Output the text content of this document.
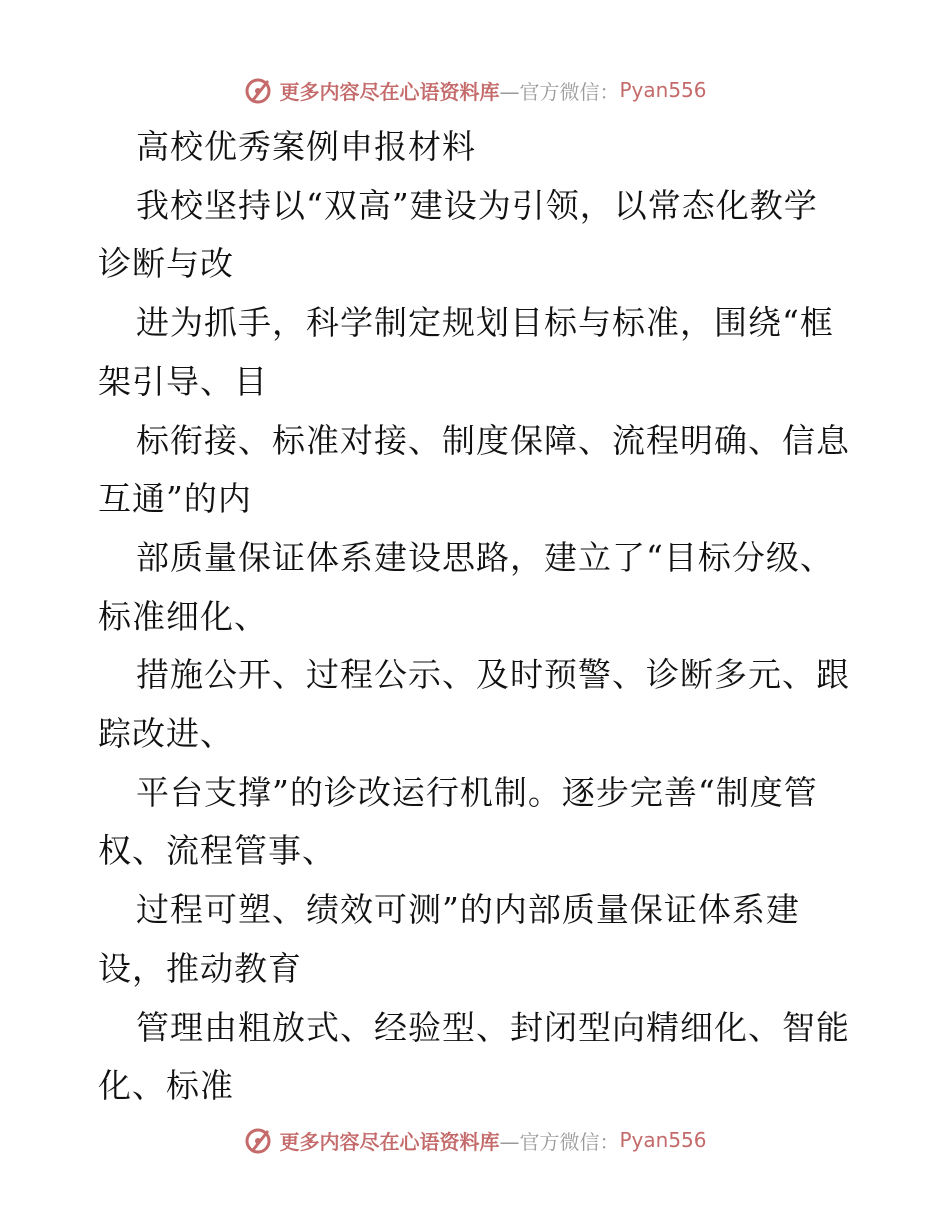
更多内容尽在心语资料库 —官方微信： Pyan556

高校优秀案例申报材料

我校坚持以“双高”建设为引领，以常态化教学

诊断与改

进为抓手，科学制定规划目标与标准，围绕“框

架引导、目

标衔接、标准对接、制度保障、流程明确、信息

互通”的内

部质量保证体系建设思路，建立了“目标分级、

标准细化、

措施公开、过程公示、及时预警、诊断多元、跟

踪改进、

平台支撑”的诊改运行机制。逐步完善“制度管

权、流程管事、

过程可塑、绩效可测”的内部质量保证体系建

设，推动教育

管理由粗放式、经验型、封闭型向精细化、智能

化、标准

更多内容尽在心语资料库 —官方微信： Pyan556
